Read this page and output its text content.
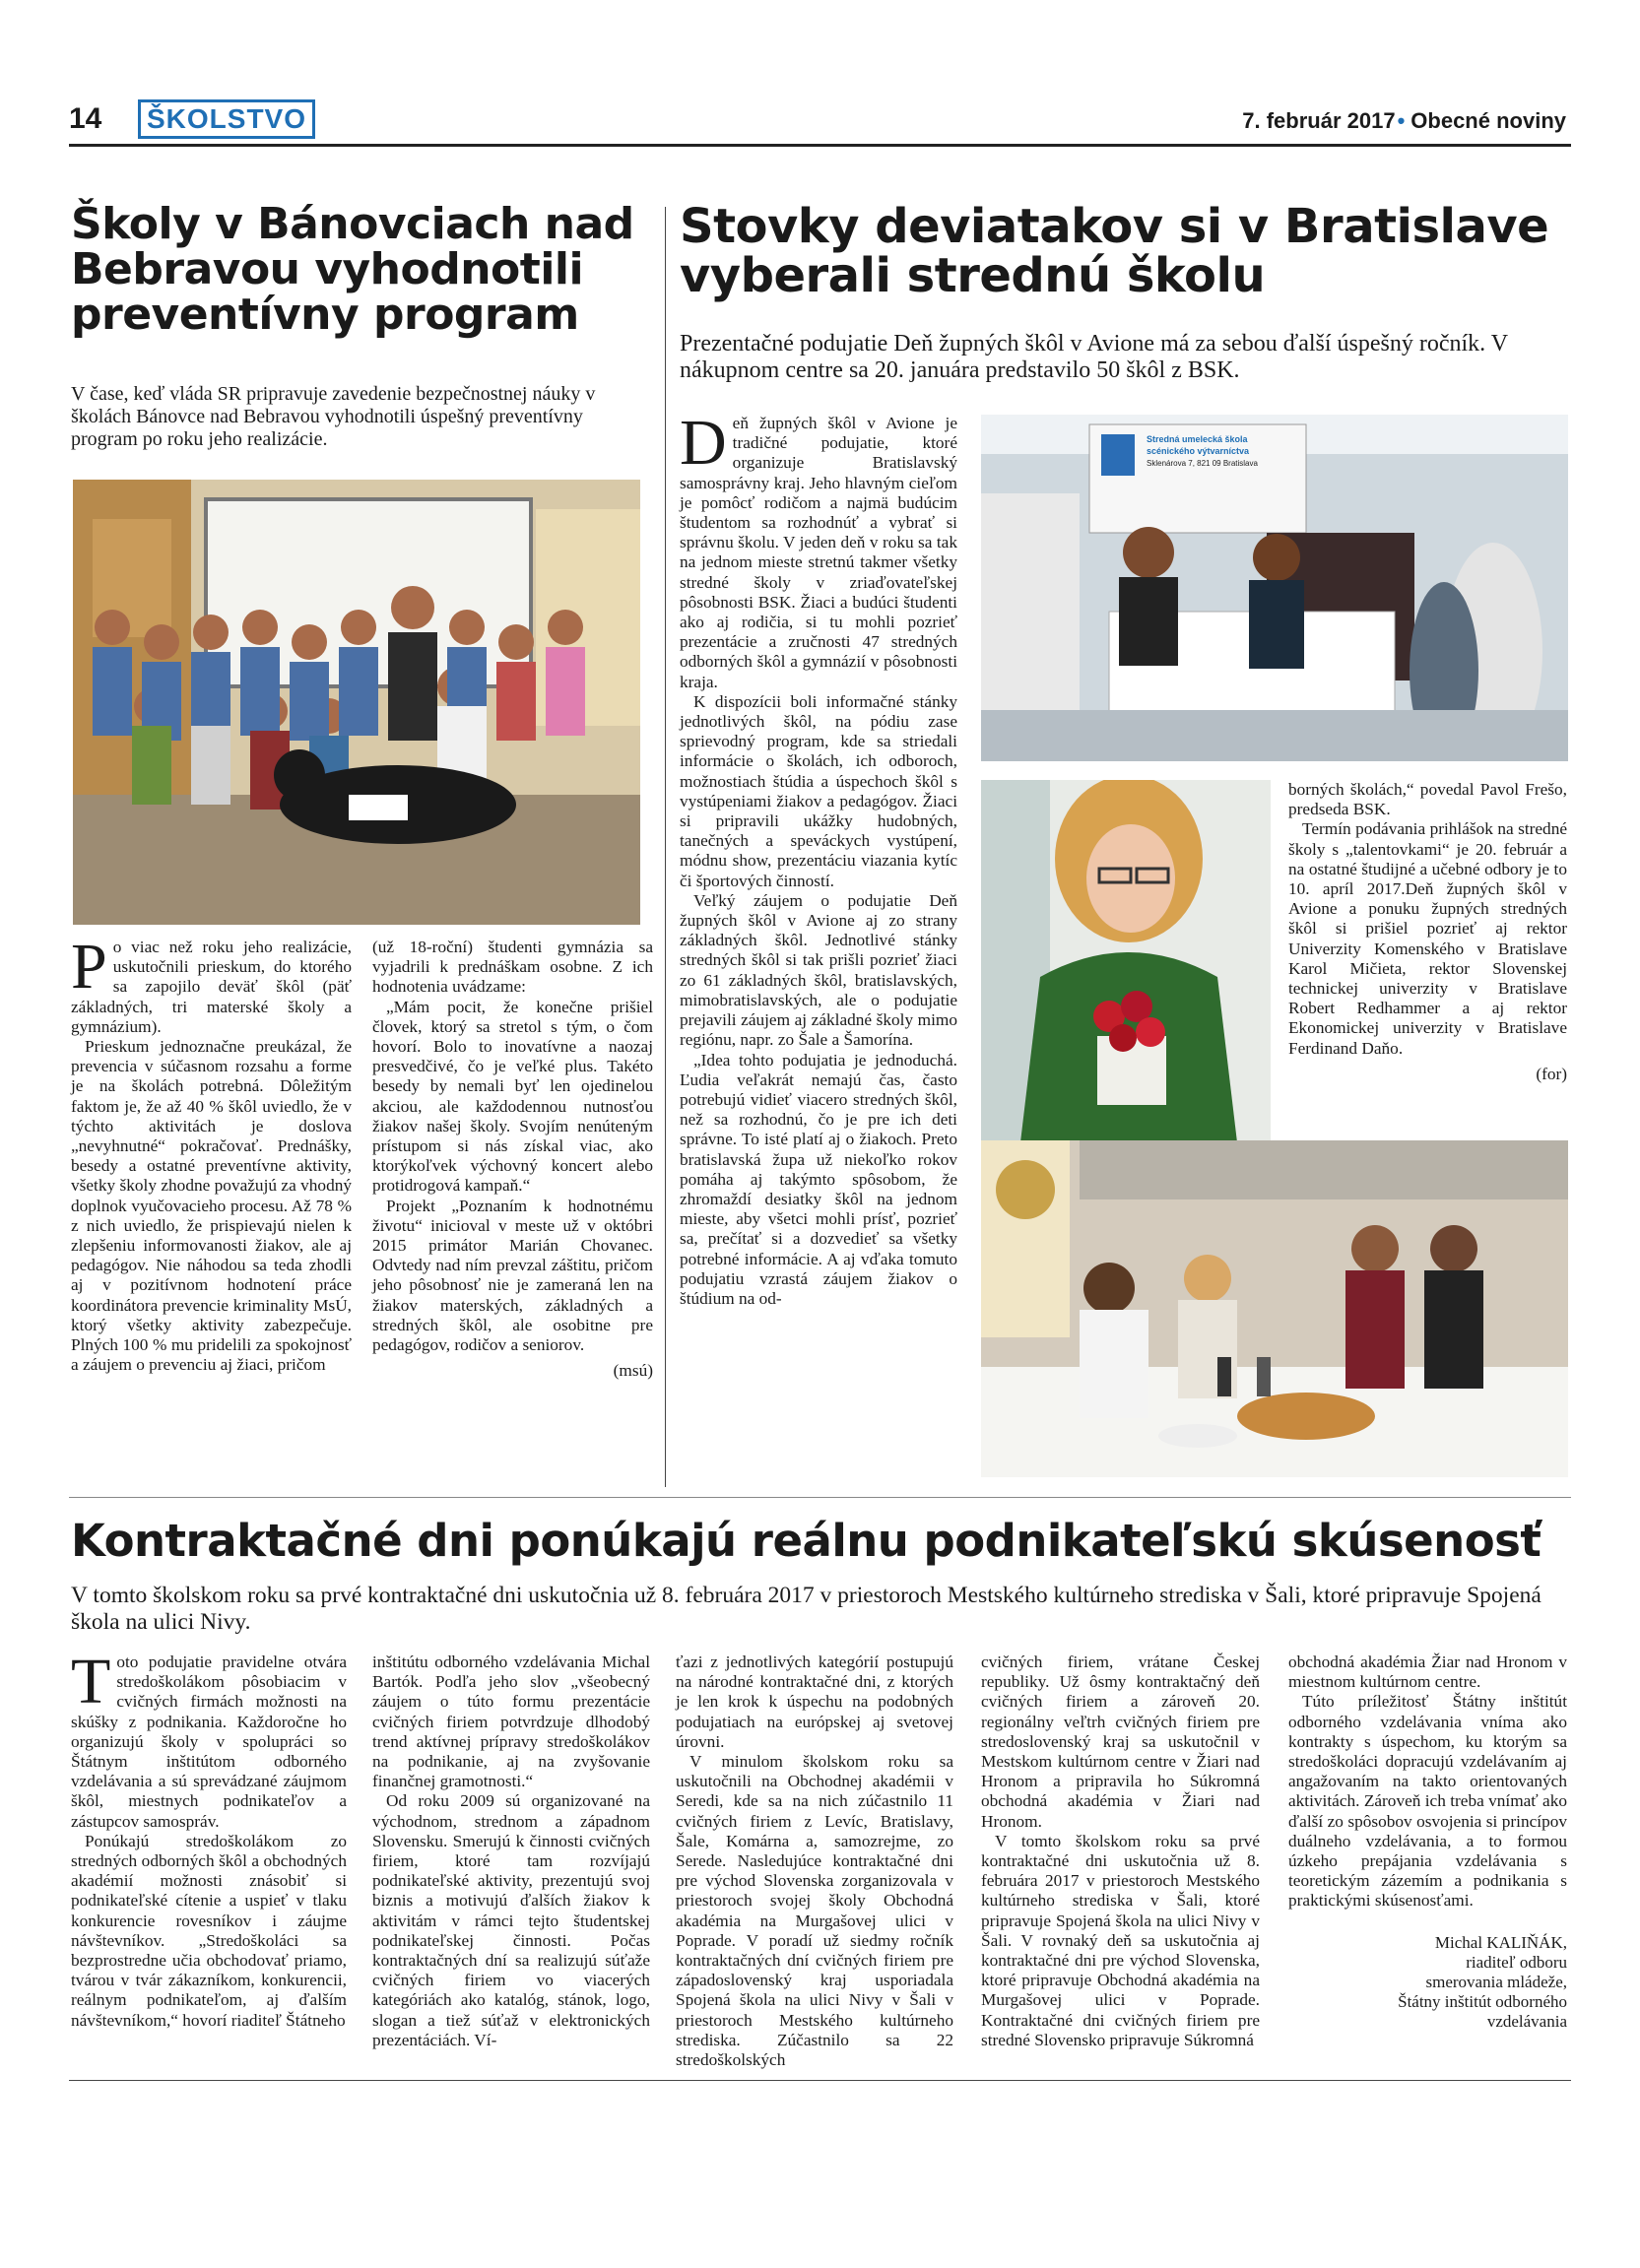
14	ŠKOLSTVO	7. február 2017• Obecné noviny
Školy v Bánovciach nad Bebravou vyhodnotili preventívny program
V čase, keď vláda SR pripravuje zavedenie bezpečnostnej náuky v školách Bánovce nad Bebravou vyhodnotili úspešný preventívny program po roku jeho realizácie.

Po viac než roku jeho realizácie, uskutočnili prieskum, do ktorého sa zapojilo deväť škôl (päť základných, tri materské školy a gymnázium).

Prieskum jednoznačne preukázal, že prevencia v súčasnom rozsahu a forme je na školách potrebná. Dôležitým faktom je, že až 40 % škôl uviedlo, že v týchto aktivitách je doslova „nevyhnutné“ pokračovať. Prednášky, besedy a ostatné preventívne aktivity, všetky školy zhodne považujú za vhodný doplnok vyučovacieho procesu. Až 78 % z nich uviedlo, že prispievajú nielen k zlepšeniu informovanosti žiakov, ale aj pedagógov. Nie náhodou sa teda zhodli aj v pozitívnom hodnotení práce koordinátora prevencie kriminality MsÚ, ktorý všetky aktivity zabezpečuje. Plných 100 % mu pridelili za spokojnosť a záujem o prevenciu aj žiaci, pričom

(už 18-roční) študenti gymnázia sa vyjadrili k prednáškam osobne. Z ich hodnotenia uvádzame:

„Mám pocit, že konečne prišiel človek, ktorý sa stretol s tým, o čom hovorí. Bolo to inovatívne a naozaj presvedčivé, čo je veľké plus. Takéto besedy by nemali byť len ojedinelou akciou, ale každodennou nutnosťou žiakov našej školy. Svojím nenúteným prístupom si nás získal viac, ako ktorýkoľvek výchovný koncert alebo protidrogová kampaň.“

Projekt „Poznaním k hodnotnému životu“ inicioval v meste už v októbri 2015 primátor Marián Chovanec. Odvtedy nad ním prevzal záštitu, pričom jeho pôsobnosť nie je zameraná len na žiakov materských, základných a stredných škôl, ale osobitne pre pedagógov, rodičov a seniorov.

(msú)
Stovky deviatakov si v Bratislave vyberali strednú školu
Prezentačné podujatie Deň župných škôl v Avione má za sebou ďalší úspešný ročník. V nákupnom centre sa 20. januára predstavilo 50 škôl z BSK.

Deň župných škôl v Avione je tradičné podujatie, ktoré organizuje Bratislavský samosprávny kraj. Jeho hlavným cieľom je pomôcť rodičom a najmä budúcim študentom sa rozhodnúť a vybrať si správnu školu. V jeden deň v roku sa tak na jednom mieste stretnú takmer všetky stredné školy v zriaďovateľskej pôsobnosti BSK. Žiaci a budúci študenti ako aj rodičia, si tu mohli pozrieť prezentácie a zručnosti 47 stredných odborných škôl a gymnázií v pôsobnosti kraja.

K dispozícii boli informačné stánky jednotlivých škôl, na pódiu zase sprievodný program, kde sa striedali informácie o školách, ich odboroch, možnostiach štúdia a úspechoch škôl s vystúpeniami žiakov a pedagógov. Žiaci si pripravili ukážky hudobných, tanečných a speváckych vystúpení, módnu show, prezentáciu viazania kytíc či športových činností.

Veľký záujem o podujatie Deň župných škôl v Avione aj zo strany základných škôl. Jednotlivé stánky stredných škôl si tak prišli pozrieť žiaci zo 61 základných škôl, bratislavských, mimobratislavských, ale o podujatie prejavili záujem aj základné školy mimo regiónu, napr. zo Šale a Šamorína.

„Idea tohto podujatia je jednoduchá. Ľudia veľakrát nemajú čas, často potrebujú vidieť viacero stredných škôl, než sa rozhodnú, čo je pre ich deti správne. To isté platí aj o žiakoch. Preto bratislavská župa už niekoľko rokov pomáha aj takýmto spôsobom, že zhromaždí desiatky škôl na jednom mieste, aby všetci mohli prísť, pozrieť sa, prečítať si a dozvedieť sa všetky potrebné informácie. A aj vďaka tomuto podujatiu vzrastá záujem žiakov o štúdium na od-

Stredná umelecká škola
scénického výtvarníctva
Sklenárova 7, 821 09 Bratislava

borných školách,“ povedal Pavol Frešo, predseda BSK.

Termín podávania prihlášok na stredné školy s „talentovkami“ je 20. február a na ostatné študijné a učebné odbory je to 10. apríl 2017.Deň župných škôl v Avione a ponuku župných stredných škôl si prišiel pozrieť aj rektor Univerzity Komenského v Bratislave Karol Mičieta, rektor Slovenskej technickej univerzity v Bratislave Robert Redhammer a aj rektor Ekonomickej univerzity v Bratislave Ferdinand Daňo.

(for)
Kontraktačné dni ponúkajú reálnu podnikateľskú skúsenosť
V tomto školskom roku sa prvé kontraktačné dni uskutočnia už 8. februára 2017 v priestoroch Mestského kultúrneho strediska v Šali, ktoré pripravuje Spojená škola na ulici Nivy.

Toto podujatie pravidelne otvára stredoškolákom pôsobiacim v cvičných firmách možnosti na skúšky z podnikania. Každoročne ho organizujú školy v spolupráci so Štátnym inštitútom odborného vzdelávania a sú sprevádzané záujmom škôl, miestnych podnikateľov a zástupcov samospráv.

Ponúkajú stredoškolákom zo stredných odborných škôl a obchodných akadémií možnosti znásobiť si podnikateľské cítenie a uspieť v tlaku konkurencie rovesníkov i záujme návštevníkov. „Stredoškoláci sa bezprostredne učia obchodovať priamo, tvárou v tvár zákazníkom, konkurencii, reálnym podnikateľom, aj ďalším návštevníkom,“ hovorí riaditeľ Štátneho

inštitútu odborného vzdelávania Michal Bartók. Podľa jeho slov „všeobecný záujem o túto formu prezentácie cvičných firiem potvrdzuje dlhodobý trend aktívnej prípravy stredoškolákov na podnikanie, aj na zvyšovanie finančnej gramotnosti.“

Od roku 2009 sú organizované na východnom, strednom a západnom Slovensku. Smerujú k činnosti cvičných firiem, ktoré tam rozvíjajú podnikateľské aktivity, prezentujú svoj biznis a motivujú ďalších žiakov k aktivitám v rámci tejto študentskej podnikateľskej činnosti. Počas kontraktačných dní sa realizujú súťaže cvičných firiem vo viacerých kategóriách ako katalóg, stánok, logo, slogan a tiež súťaž v elektronických prezentáciách. Ví-

ťazi z jednotlivých kategórií postupujú na národné kontraktačné dni, z ktorých je len krok k úspechu na podobných podujatiach na európskej aj svetovej úrovni.

V minulom školskom roku sa uskutočnili na Obchodnej akadémii v Seredi, kde sa na nich zúčastnilo 11 cvičných firiem z Levíc, Bratislavy, Šale, Komárna a, samozrejme, zo Serede. Nasledujúce kontraktačné dni pre východ Slovenska zorganizovala v priestoroch svojej školy Obchodná akadémia na Murgašovej ulici v Poprade. V poradí už siedmy ročník kontraktačných dní cvičných firiem pre západoslovenský kraj usporiadala Spojená škola na ulici Nivy v Šali v priestoroch Mestského kultúrneho strediska. Zúčastnilo sa 22 stredoškolských

cvičných firiem, vrátane Českej republiky. Už ôsmy kontraktačný deň cvičných firiem a zároveň 20. regionálny veľtrh cvičných firiem pre stredoslovenský kraj sa uskutočnil v Mestskom kultúrnom centre v Žiari nad Hronom a pripravila ho Súkromná obchodná akadémia v Žiari nad Hronom.

V tomto školskom roku sa prvé kontraktačné dni uskutočnia už 8. februára 2017 v priestoroch Mestského kultúrneho strediska v Šali, ktoré pripravuje Spojená škola na ulici Nivy v Šali. V rovnaký deň sa uskutočnia aj kontraktačné dni pre východ Slovenska, ktoré pripravuje Obchodná akadémia na Murgašovej ulici v Poprade. Kontraktačné dni cvičných firiem pre stredné Slovensko pripravuje Súkromná

obchodná akadémia Žiar nad Hronom v miestnom kultúrnom centre.

Túto príležitosť Štátny inštitút odborného vzdelávania vníma ako kontrakty s úspechom, ku ktorým sa stredoškoláci dopracujú vzdelávaním aj angažovaním na takto orientovaných aktivitách. Zároveň ich treba vnímať ako ďalší zo spôsobov osvojenia si princípov duálneho vzdelávania, a to formou úzkeho prepájania vzdelávania s teoretickým zázemím a podnikania s praktickými skúsenosťami.

Michal KALIŇÁK,
riaditeľ odboru
smerovania mládeže,
Štátny inštitút odborného
vzdelávania
